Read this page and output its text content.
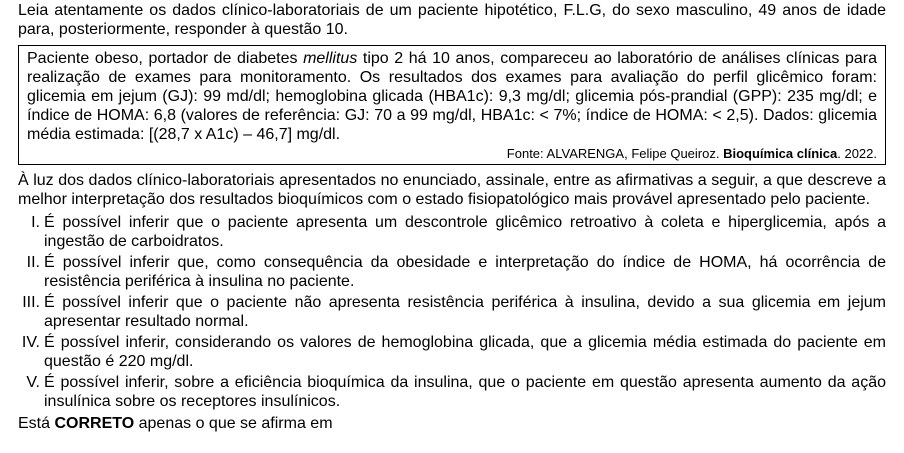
Leia atentamente os dados clínico-laboratoriais de um paciente hipotético, F.L.G, do sexo masculino, 49 anos de idade para, posteriormente, responder à questão 10.

Paciente obeso, portador de diabetes mellitus tipo 2 há 10 anos, compareceu ao laboratório de análises clínicas para realização de exames para monitoramento. Os resultados dos exames para avaliação do perfil glicêmico foram: glicemia em jejum (GJ): 99 md/dl; hemoglobina glicada (HBA1c): 9,3 mg/dl; glicemia pós-prandial (GPP): 235 mg/dl; e índice de HOMA: 6,8 (valores de referência: GJ: 70 a 99 mg/dl, HBA1c: < 7%; índice de HOMA: < 2,5). Dados: glicemia média estimada: [(28,7 x A1c) – 46,7] mg/dl.
Fonte: ALVARENGA, Felipe Queiroz. Bioquímica clínica. 2022.

À luz dos dados clínico-laboratoriais apresentados no enunciado, assinale, entre as afirmativas a seguir, a que descreve a melhor interpretação dos resultados bioquímicos com o estado fisiopatológico mais provável apresentado pelo paciente.

I. É possível inferir que o paciente apresenta um descontrole glicêmico retroativo à coleta e hiperglicemia, após a ingestão de carboidratos.
II. É possível inferir que, como consequência da obesidade e interpretação do índice de HOMA, há ocorrência de resistência periférica à insulina no paciente.
III. É possível inferir que o paciente não apresenta resistência periférica à insulina, devido a sua glicemia em jejum apresentar resultado normal.
IV. É possível inferir, considerando os valores de hemoglobina glicada, que a glicemia média estimada do paciente em questão é 220 mg/dl.
V. É possível inferir, sobre a eficiência bioquímica da insulina, que o paciente em questão apresenta aumento da ação insulínica sobre os receptores insulínicos.

Está CORRETO apenas o que se afirma em
